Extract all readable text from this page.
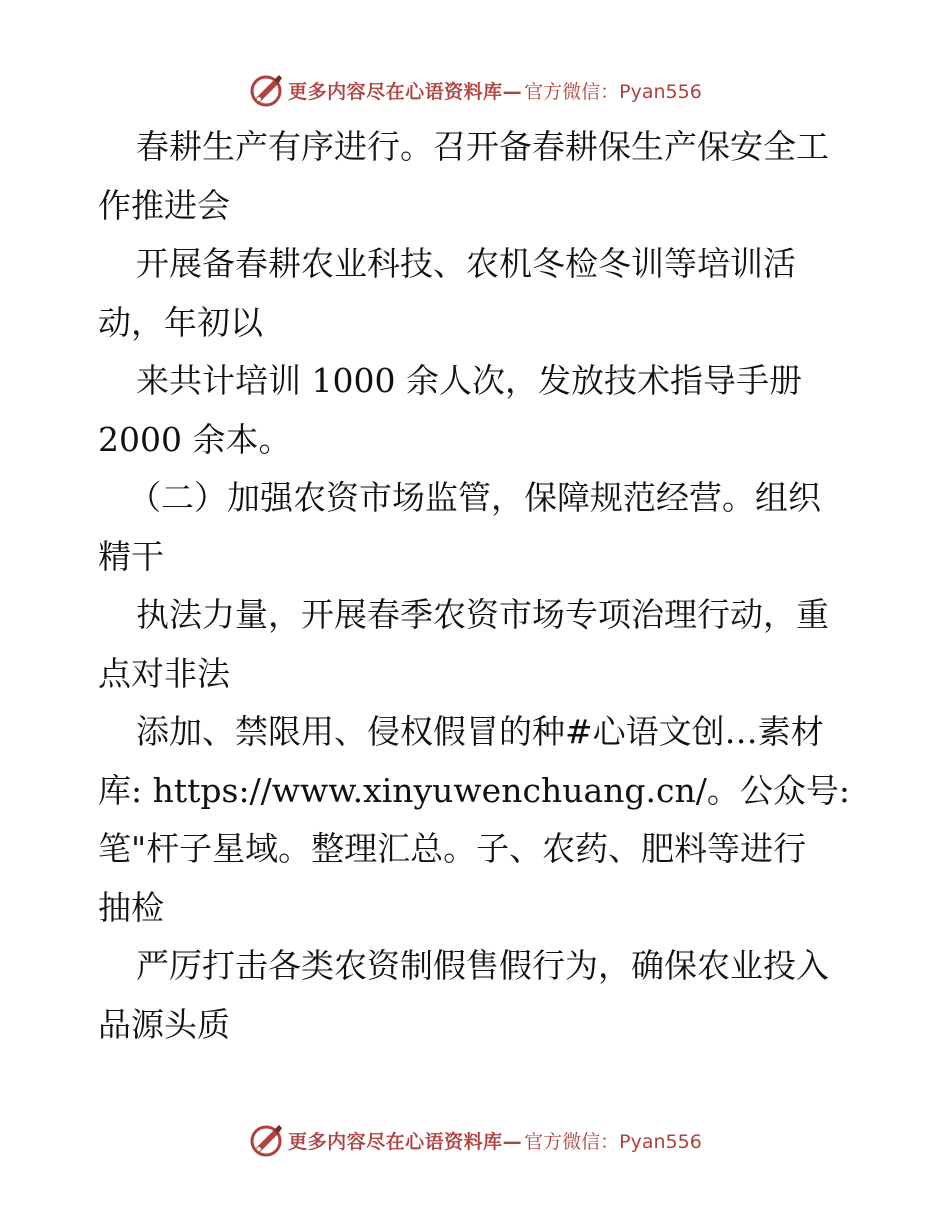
更多内容尽在心语资料库— 官方微信：Pyan556

春耕生产有序进行。召开备春耕保生产保安全工

作推进会

开展备春耕农业科技、农机冬检冬训等培训活

动，年初以

来共计培训 1000 余人次，发放技术指导手册

2000 余本。

（二）加强农资市场监管，保障规范经营。组织

精干

执法力量，开展春季农资市场专项治理行动，重

点对非法

添加、禁限用、侵权假冒的种#心语文创…素材

库: https://www.xinyuwenchuang.cn/。公众号:

笔"杆子星域。整理汇总。子、农药、肥料等进行

抽检

严厉打击各类农资制假售假行为，确保农业投入

品源头质

更多内容尽在心语资料库— 官方微信：Pyan556
